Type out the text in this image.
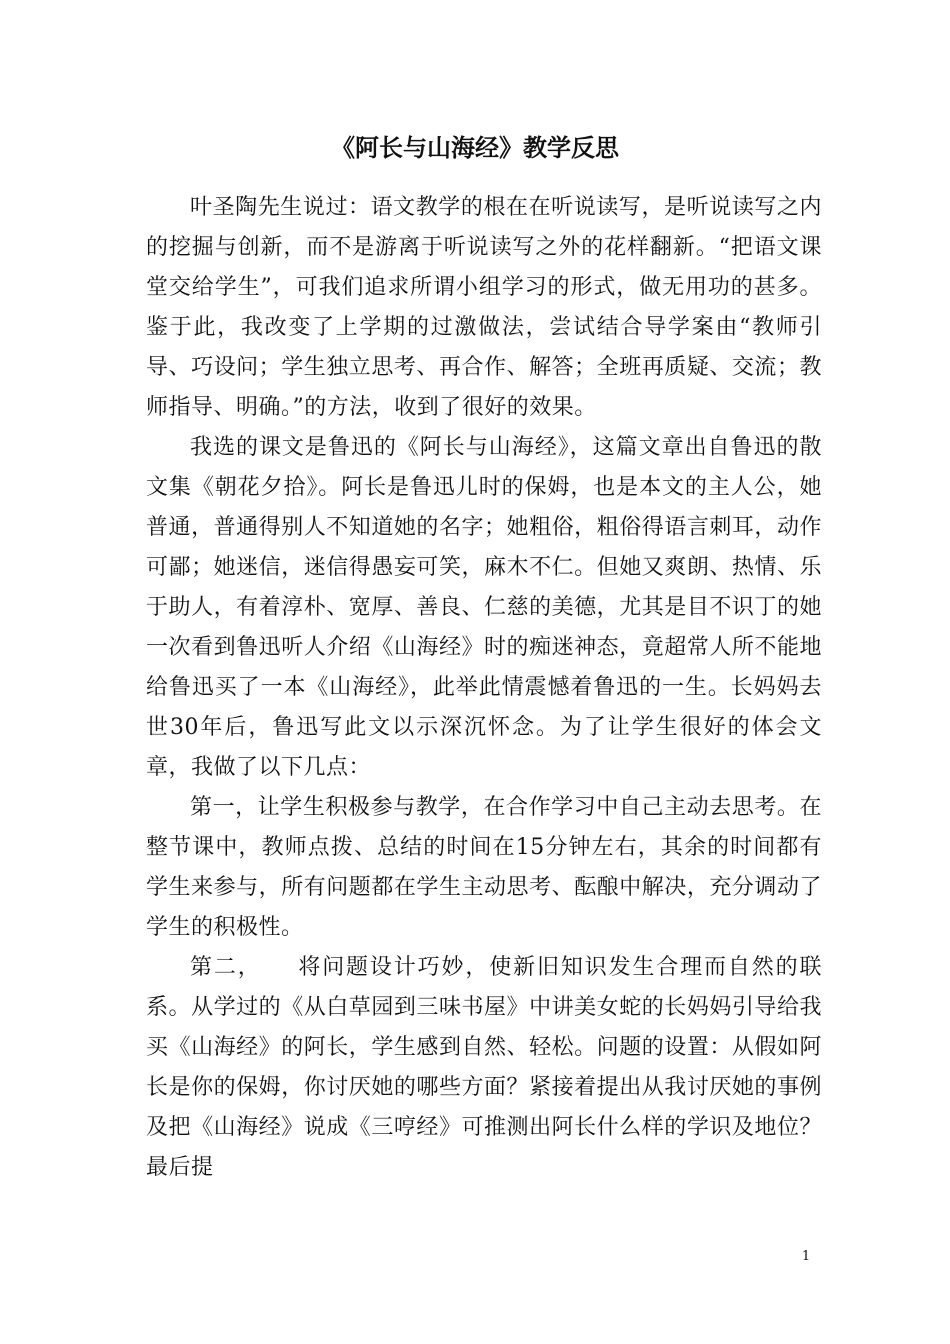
《阿长与山海经》教学反思

叶圣陶先生说过：语文教学的根在在听说读写，是听说读写之内的挖掘与创新，而不是游离于听说读写之外的花样翻新。“把语文课堂交给学生”，可我们追求所谓小组学习的形式，做无用功的甚多。鉴于此，我改变了上学期的过激做法，尝试结合导学案由“教师引导、巧设问；学生独立思考、再合作、解答；全班再质疑、交流；教师指导、明确。”的方法，收到了很好的效果。

我选的课文是鲁迅的《阿长与山海经》，这篇文章出自鲁迅的散文集《朝花夕拾》。阿长是鲁迅儿时的保姆，也是本文的主人公，她普通，普通得别人不知道她的名字；她粗俗，粗俗得语言刺耳，动作可鄙；她迷信，迷信得愚妄可笑，麻木不仁。但她又爽朗、热情、乐于助人，有着淳朴、宽厚、善良、仁慈的美德，尤其是目不识丁的她一次看到鲁迅听人介绍《山海经》时的痴迷神态，竟超常人所不能地给鲁迅买了一本《山海经》，此举此情震憾着鲁迅的一生。长妈妈去世30年后，鲁迅写此文以示深沉怀念。为了让学生很好的体会文章，我做了以下几点：

第一，让学生积极参与教学，在合作学习中自己主动去思考。在整节课中，教师点拨、总结的时间在15分钟左右，其余的时间都有学生来参与，所有问题都在学生主动思考、酝酿中解决，充分调动了学生的积极性。

第二，　　将问题设计巧妙，使新旧知识发生合理而自然的联系。从学过的《从白草园到三味书屋》中讲美女蛇的长妈妈引导给我买《山海经》的阿长，学生感到自然、轻松。问题的设置：从假如阿长是你的保姆，你讨厌她的哪些方面？紧接着提出从我讨厌她的事例及把《山海经》说成《三哼经》可推测出阿长什么样的学识及地位？最后提

1
